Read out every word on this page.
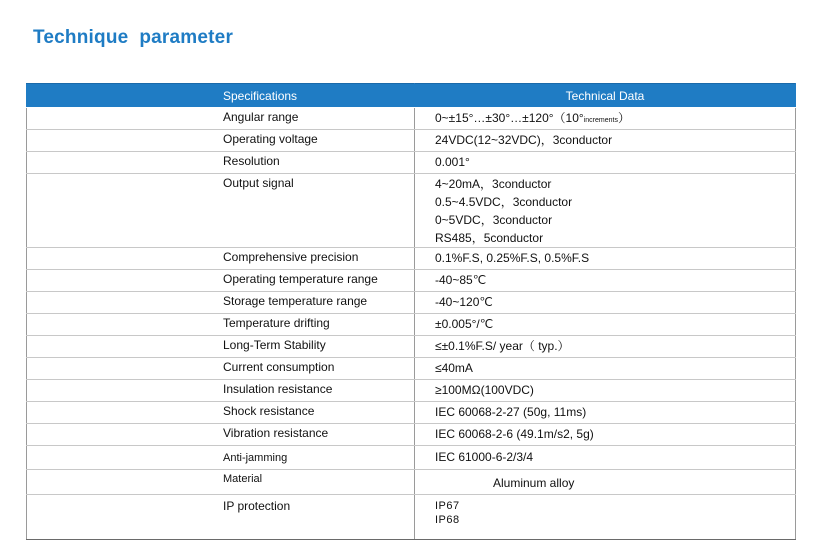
Technique  parameter
Specifications	Technical Data
Angular range	0~±15°…±30°…±120°（10°increments）
Operating voltage	24VDC(12~32VDC)，3conductor
Resolution	0.001°
Output signal	4~20mA，3conductor
0.5~4.5VDC，3conductor
0~5VDC，3conductor
RS485，5conductor

Comprehensive precision	0.1%F.S, 0.25%F.S, 0.5%F.S
Operating temperature range	-40~85℃
Storage temperature range	-40~120℃
Temperature drifting	±0.005°/℃
Long-Term Stability	≤±0.1%F.S/ year（ typ.）
Current consumption	≤40mA
Insulation resistance	≥100MΩ(100VDC)
Shock resistance	IEC 60068-2-27 (50g, 11ms)
Vibration resistance	IEC 60068-2-6 (49.1m/s2, 5g)
Anti-jamming	IEC 61000-6-2/3/4
Material	Aluminum alloy
IP protection	IP67
IP68
